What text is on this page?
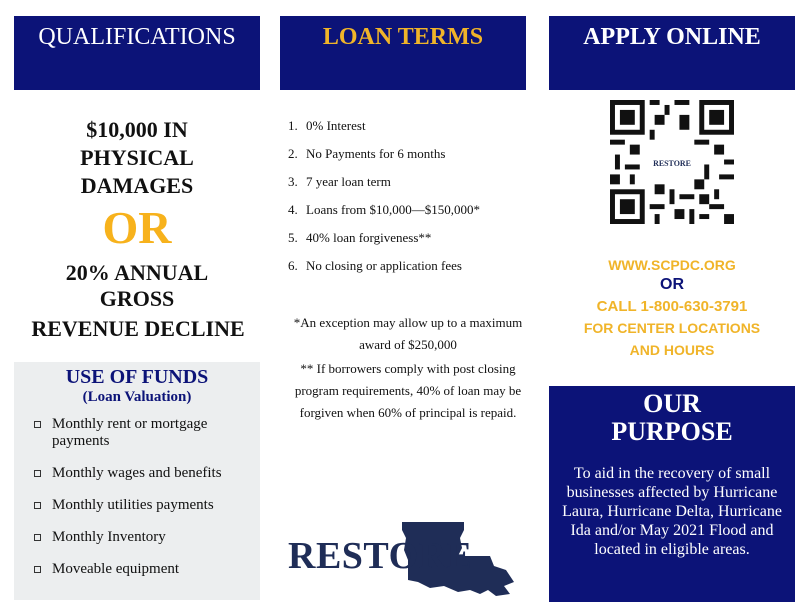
QUALIFICATIONS	LOAN TERMS	APPLY ONLINE
$10,000 IN
PHYSICAL
DAMAGES
OR
20% ANNUAL
GROSS
REVENUE DECLINE
USE OF FUNDS
(Loan Valuation)
Monthly rent or mortgage payments
Monthly wages and benefits
Monthly utilities payments
Monthly Inventory
Moveable equipment
1. 0% Interest
2. No Payments for 6 months
3. 7 year loan term
4. Loans from $10,000—$150,000*
5. 40% loan forgiveness**
6. No closing or application fees

*An exception may allow up to a maximum award of $250,000

** If borrowers comply with post closing program requirements, 40% of loan may be forgiven when 60% of principal is repaid.

RESTORE
RESTORE
WWW.SCPDC.ORG
OR
CALL 1-800-630-3791
FOR CENTER LOCATIONS
AND HOURS
OUR
PURPOSE
To aid in the recovery of small businesses affected by Hurricane Laura, Hurricane Delta, Hurricane Ida and/or May 2021 Flood and located in eligible areas.
